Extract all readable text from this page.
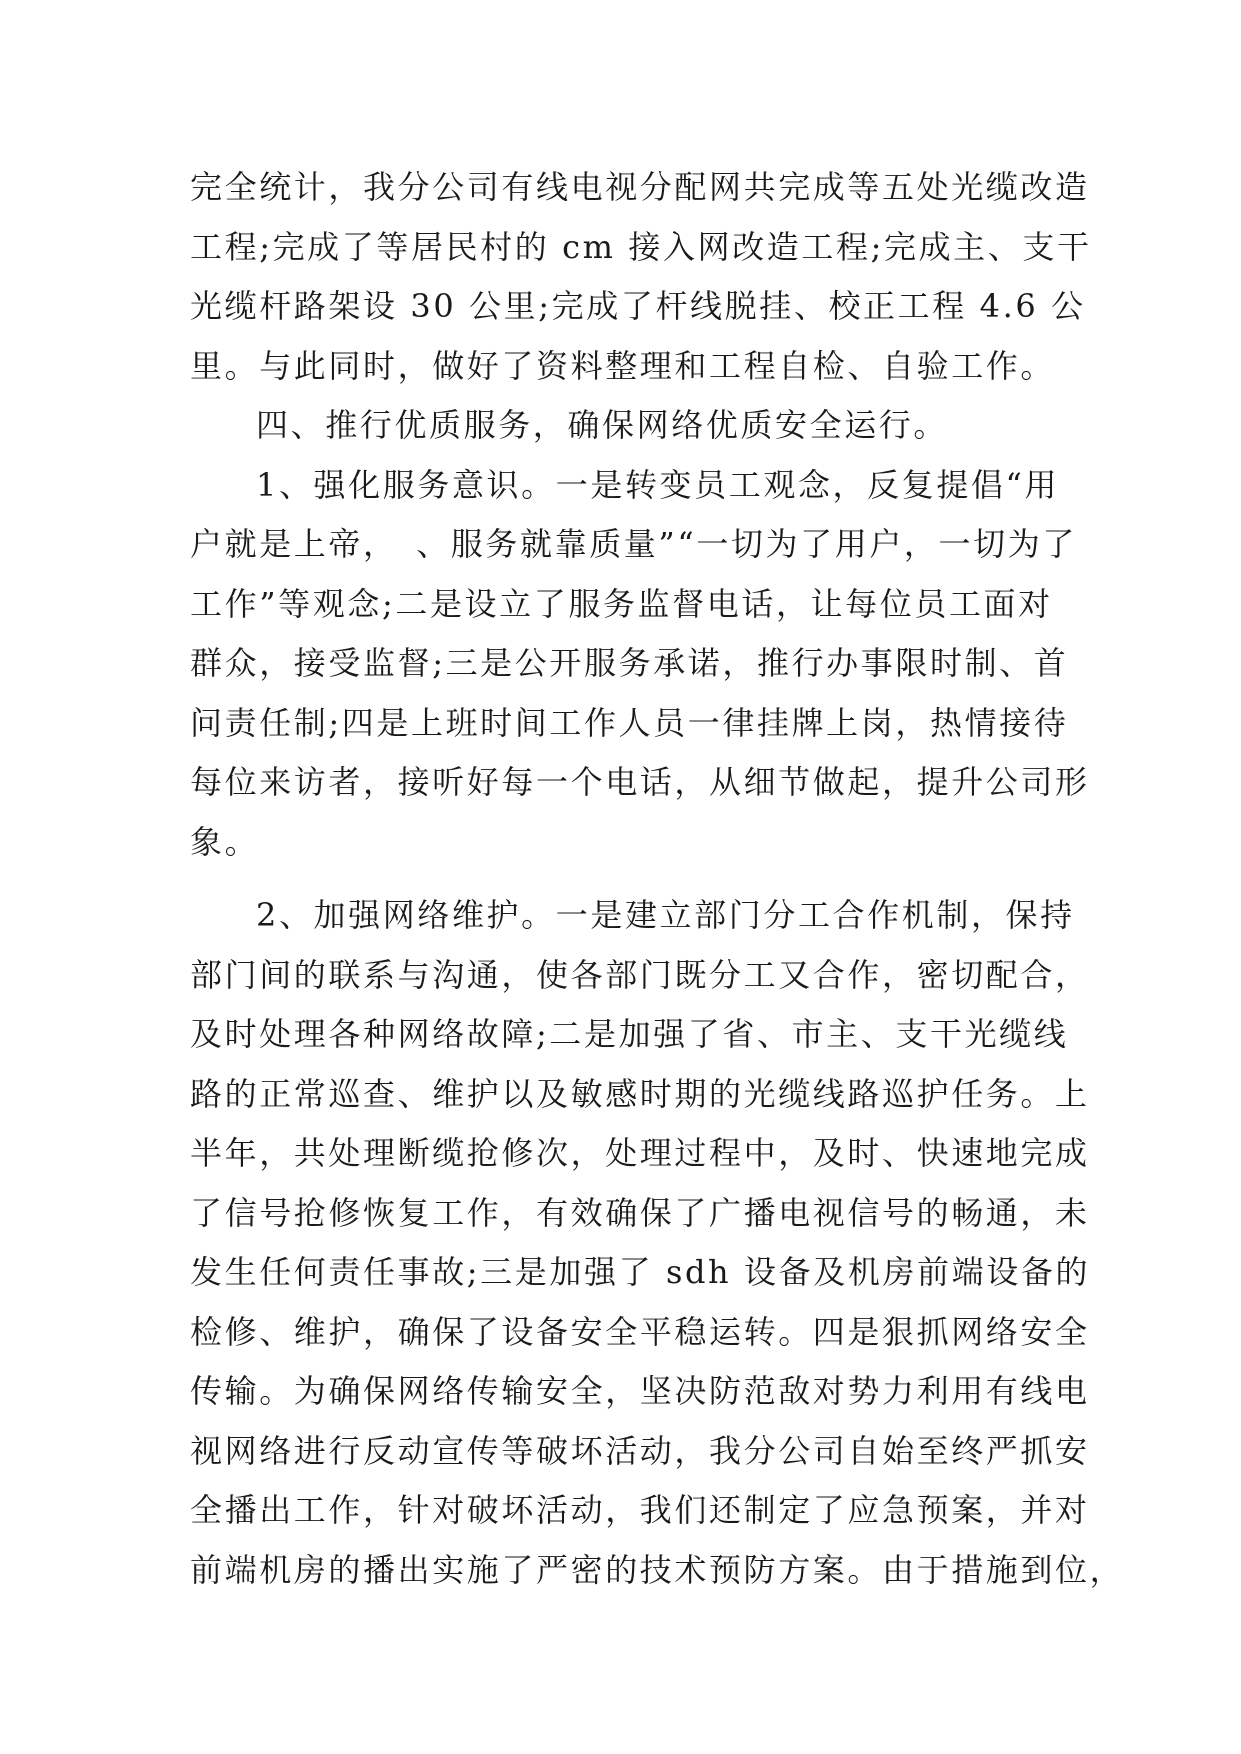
完全统计，我分公司有线电视分配网共完成等五处光缆改造
工程;完成了等居民村的 cm 接入网改造工程;完成主、支干
光缆杆路架设 30 公里;完成了杆线脱挂、校正工程 4.6 公
里。与此同时，做好了资料整理和工程自检、自验工作。
四、推行优质服务，确保网络优质安全运行。
1、强化服务意识。一是转变员工观念，反复提倡“用
户就是上帝，　、服务就靠质量”“一切为了用户，一切为了
工作”等观念;二是设立了服务监督电话，让每位员工面对
群众，接受监督;三是公开服务承诺，推行办事限时制、首
问责任制;四是上班时间工作人员一律挂牌上岗，热情接待
每位来访者，接听好每一个电话，从细节做起，提升公司形
象。
2、加强网络维护。一是建立部门分工合作机制，保持
部门间的联系与沟通，使各部门既分工又合作，密切配合，
及时处理各种网络故障;二是加强了省、市主、支干光缆线
路的正常巡查、维护以及敏感时期的光缆线路巡护任务。上
半年，共处理断缆抢修次，处理过程中，及时、快速地完成
了信号抢修恢复工作，有效确保了广播电视信号的畅通，未
发生任何责任事故;三是加强了 sdh 设备及机房前端设备的
检修、维护，确保了设备安全平稳运转。四是狠抓网络安全
传输。为确保网络传输安全，坚决防范敌对势力利用有线电
视网络进行反动宣传等破坏活动，我分公司自始至终严抓安
全播出工作，针对破坏活动，我们还制定了应急预案，并对
前端机房的播出实施了严密的技术预防方案。由于措施到位，
